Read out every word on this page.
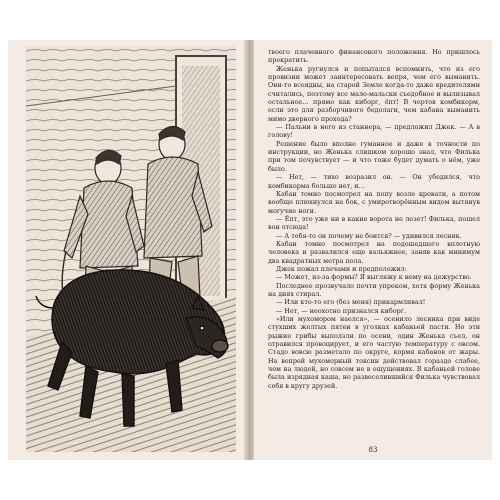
твоего плачевного финансового положения. Но пришлось прекратить.

Женька ругнулся и попытался вспомнить, что из его провизии может заинтересовать вепря, чем его выманить. Они-то всеядны, на старой Земле когда-то даже вредителями считались, поэтому все мало-мальски съедобное и вылизывал остальное… прямо как киборг, ёпт! В чертов комбикорм, если это для разборчивого бедолаги, чем кабана выманить мимо дверного прохода?

— Пальни в него из станнера, — предложил Джек. — А в голову!

Решение было вполне гуманное и даже в точности по инструкции, но Женька слишком хорошо знал, что Филька при том почувствует — и что тоже будет думать о нём, уже было.

— Нет, — тихо возразил он. — Он убедился, что комбикорма больше нет, и…

Кабан томно посмотрел на попу возле кровати, а потом вообще плюхнулся на бок, с умиротворённым видом вытянув могучие ноги.

— Ёпт, это уже ни в какие ворота не лезет! Филька, пошел вон отсюда!

— А тебя-то он почему не боится? — удивился лесник.

Кабан томно посмотрел на подошедшего вплотную человека и развалился еще вальяжнее, заняв как минимум два квадратных метра пола.

Джек пожал плечами и предположил:

— Может, из-за формы? Я выгляжу к нему на дежурство.

Последнее прозвучало почти упреком, хотя форму Женька на днях стирал.

— Или кто-то его (без меня) прикармливал!

— Нет, — неохотно признался киборг.

«Или мухомором наелся», — осенило лесника при виде стухших желтых пятен в уголках кабаньей пасти. Но эти рыжие грибы выползли по осени, один Женька съел, он отравился провоцирует, и его частую температуру с овсом. Стадо вовсю разметало по округе, кормя кабанов от жары. На вепрей мухоморный токсин действовал гораздо слабее, чем на людей, но совсем не в ощущениях. В кабаньей голове была изрядная каша, но развеселившийся Филька чувствовал себя в кругу друзей.

83
